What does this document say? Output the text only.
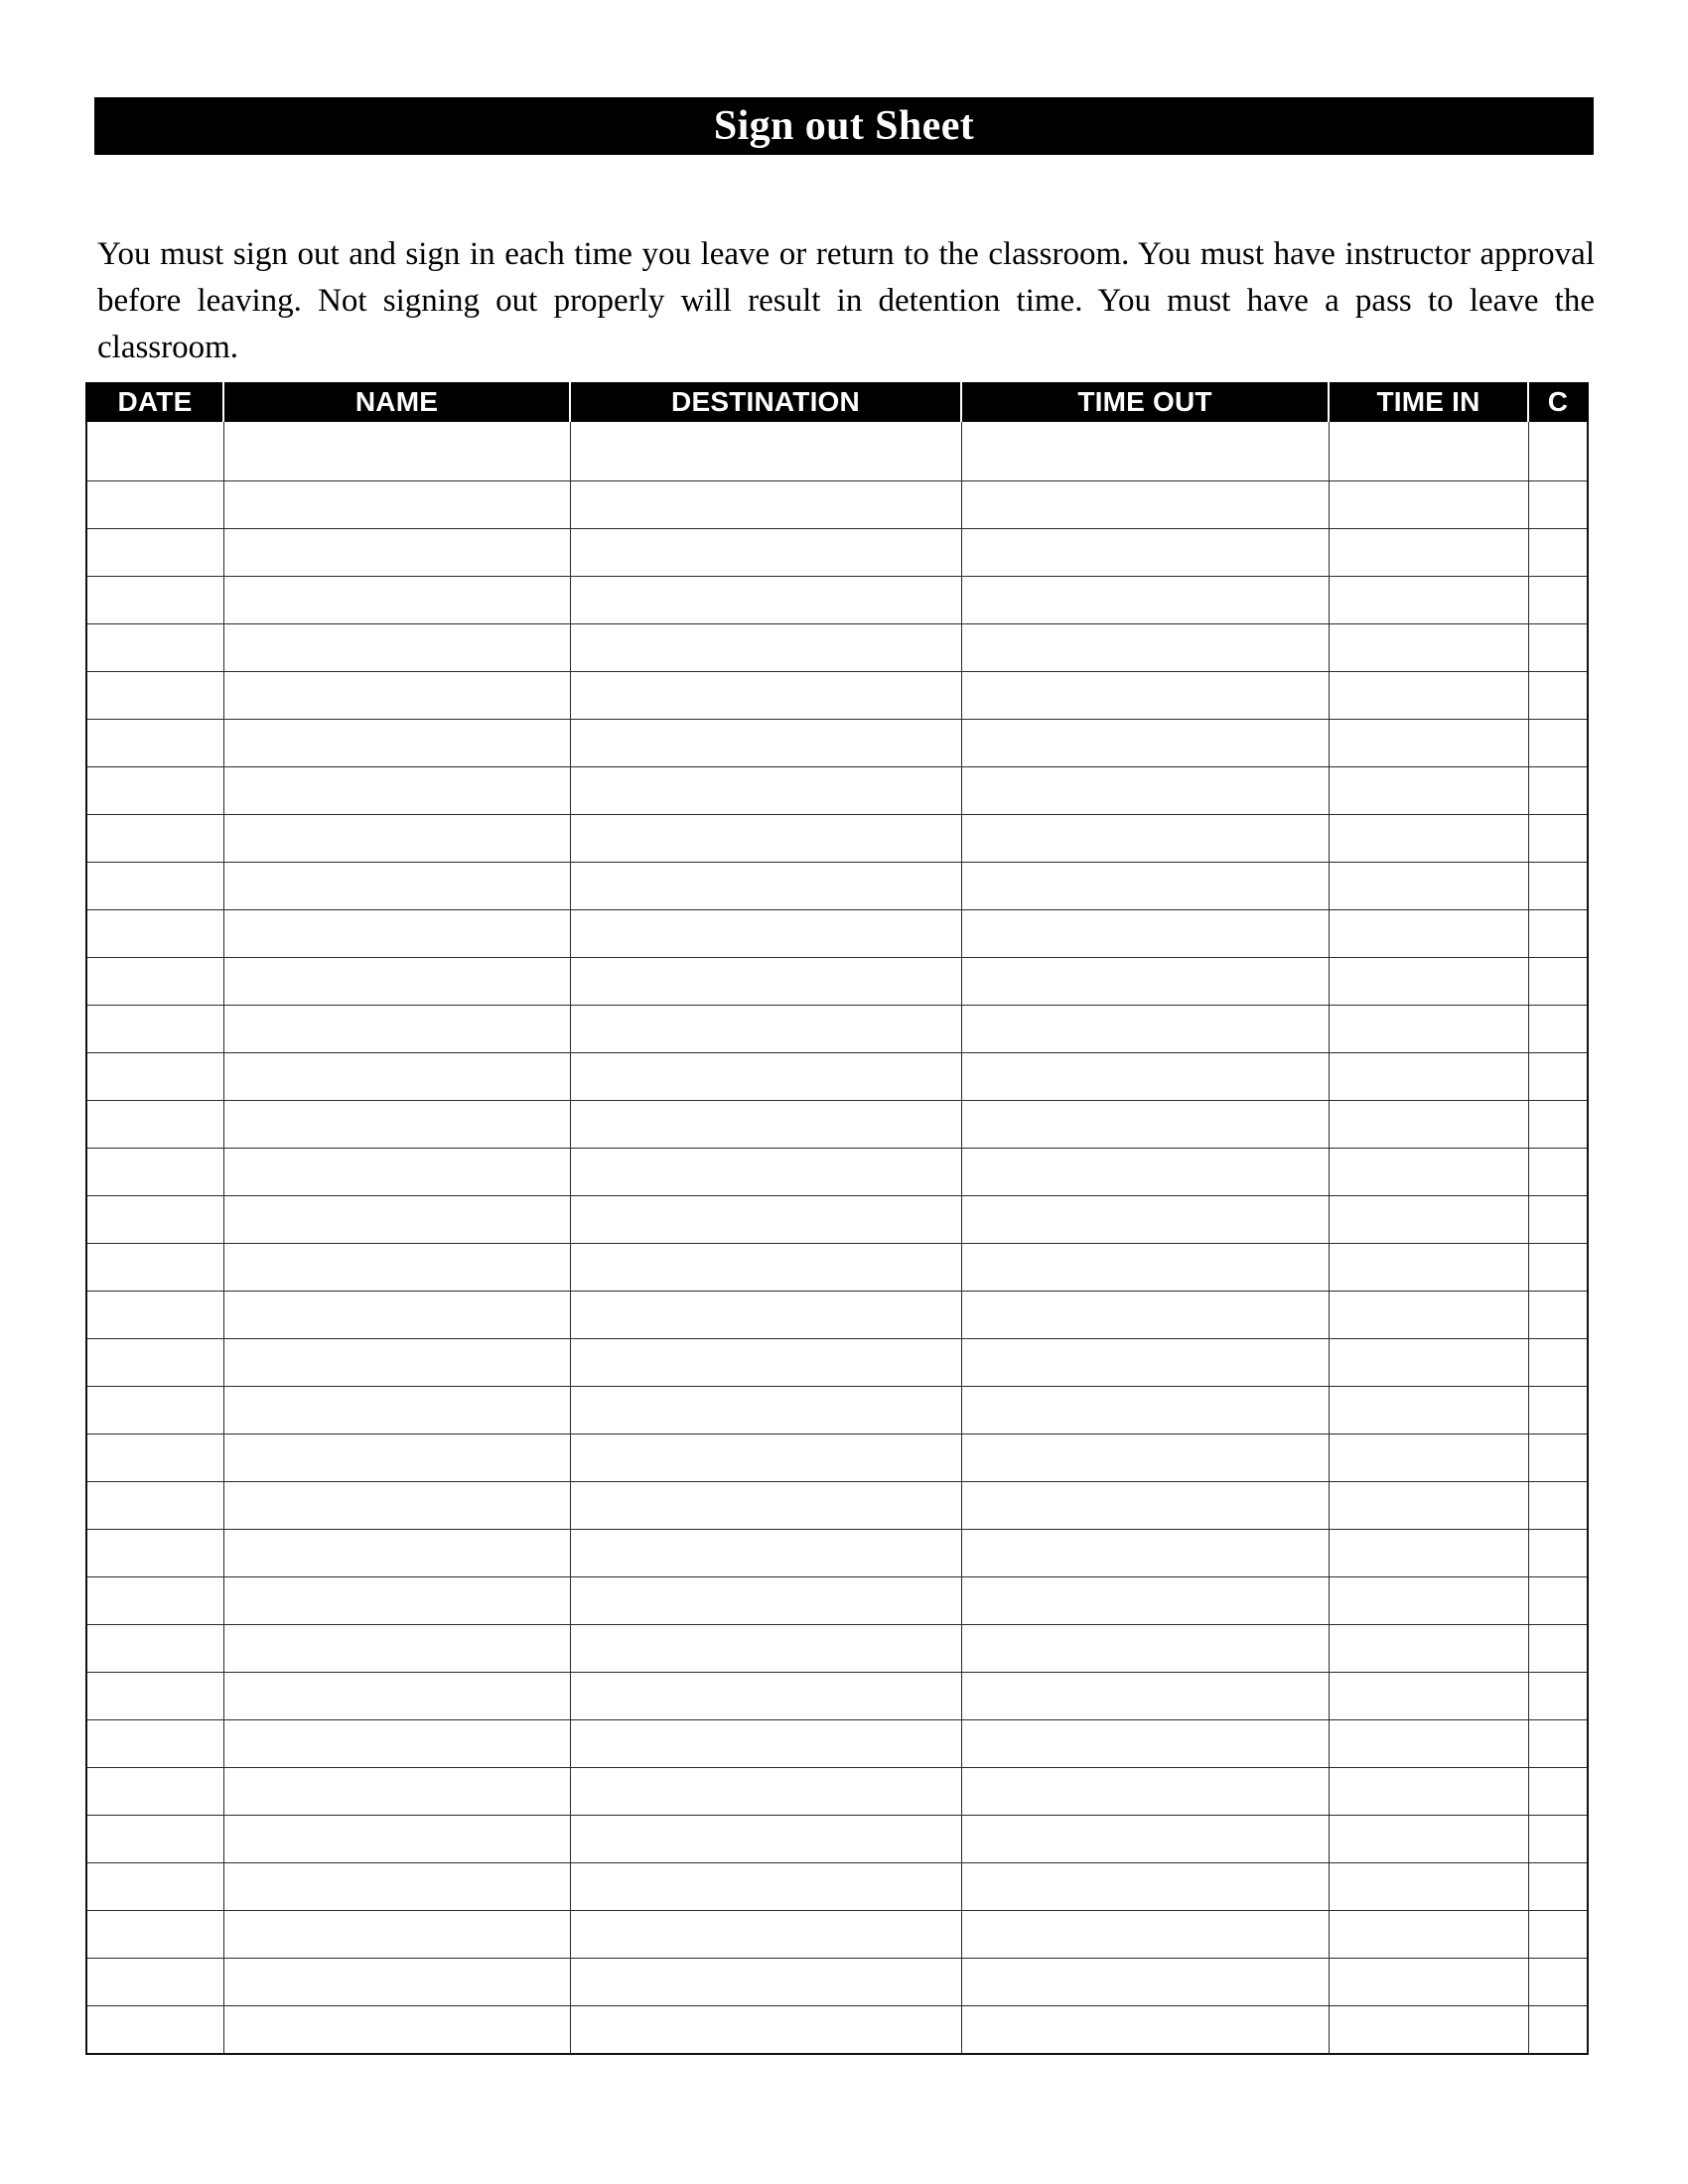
Sign out Sheet

You must sign out and sign in each time you leave or return to the classroom. You must have instructor approval before leaving. Not signing out properly will result in detention time. You must have a pass to leave the classroom.

DATE	NAME	DESTINATION	TIME OUT	TIME IN	C
